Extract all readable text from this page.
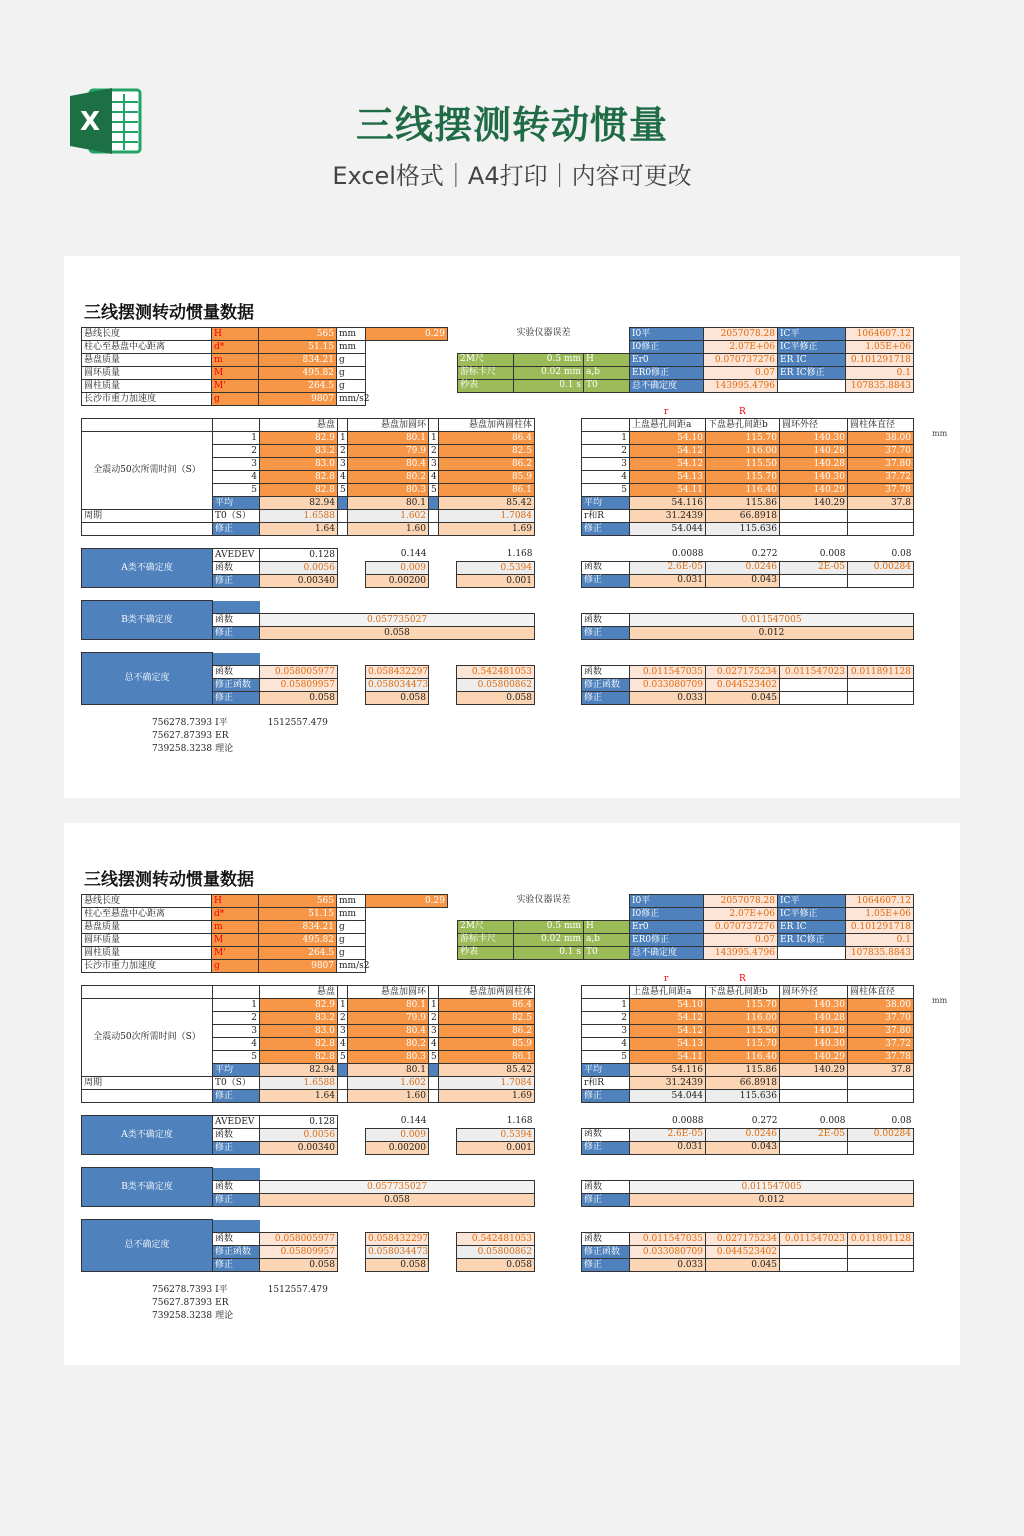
X	三线摆测转动惯量
Excel格式｜A4打印｜内容可更改
三线摆测转动惯量数据
悬线长度	H	565	mm	0.29
柱心至悬盘中心距离	d*	51.15	mm	
悬盘质量	m	834.21	g	
圆环质量	M	495.82	g	
圆柱质量	M'	264.5	g	
长沙市重力加速度	g	9807	mm/s2	
实验仪器误差		

2M尺	0.5 mm	H
游标卡尺	0.02 mm	a,b
秒表	0.1 s	T0
I0平	2057078.28	IC平	1064607.12
I0修正	2.07E+06	IC平修正	1.05E+06
Er0	0.070737276	ER IC	0.101291718
ER0修正	0.07	ER IC修正	0.1
总不确定度	143995.4796		107835.8843
r	R
mm
		悬盘		悬盘加圆环		悬盘加两圆柱体
全震动50次所需时间（S）	1	82.9	1	80.1	1	86.4
	2	83.2	2	79.9	2	82.5
	3	83.0	3	80.4	3	86.2
	4	82.8	4	80.2	4	85.9
	5	82.8	5	80.3	5	86.1
	平均	82.94		80.1		85.42
周期	T0（S）	1.6588		1.602		1.7084
	修正	1.64		1.60		1.69
	上盘悬孔间距a	下盘悬孔间距b	圆环外径	圆柱体直径
1	54.10	115.70	140.30	38.00
2	54.12	116.00	140.28	37.70
3	54.12	115.50	140.28	37.80
4	54.13	115.70	140.30	37.72
5	54.11	116.40	140.29	37.78
平均	54.116	115.86	140.29	37.8
r和R	31.2439	66.8918		
修正	54.044	115.636		
A类不确定度	AVEDEV	0.128		0.144		1.168
	函数	0.0056		0.009		0.5394
	修正	0.00340		0.00200		0.001
	0.0088	0.272	0.008	0.08
函数	2.6E-05	0.0246	2E-05	0.00284
修正	0.031	0.043		
B类不确定度		
	函数	0.057735027
	修正	0.058
函数	0.011547005
修正	0.012
总不确定度						
	函数	0.058005977		0.058432297		0.542481053
	修正函数	0.05809957		0.058034473		0.05800862
	修正	0.058		0.058		0.058
函数	0.011547035	0.027175234	0.011547023	0.011891128
修正函数	0.033080709	0.044523402		
修正	0.033	0.045		
756278.7393 I平	1512557.479
75627.87393 ER
739258.3238 理论
三线摆测转动惯量数据
悬线长度	H	565	mm	0.29
柱心至悬盘中心距离	d*	51.15	mm	
悬盘质量	m	834.21	g	
圆环质量	M	495.82	g	
圆柱质量	M'	264.5	g	
长沙市重力加速度	g	9807	mm/s2	
实验仪器误差		

2M尺	0.5 mm	H
游标卡尺	0.02 mm	a,b
秒表	0.1 s	T0
I0平	2057078.28	IC平	1064607.12
I0修正	2.07E+06	IC平修正	1.05E+06
Er0	0.070737276	ER IC	0.101291718
ER0修正	0.07	ER IC修正	0.1
总不确定度	143995.4796		107835.8843
r	R
mm
		悬盘		悬盘加圆环		悬盘加两圆柱体
全震动50次所需时间（S）	1	82.9	1	80.1	1	86.4
	2	83.2	2	79.9	2	82.5
	3	83.0	3	80.4	3	86.2
	4	82.8	4	80.2	4	85.9
	5	82.8	5	80.3	5	86.1
	平均	82.94		80.1		85.42
周期	T0（S）	1.6588		1.602		1.7084
	修正	1.64		1.60		1.69
	上盘悬孔间距a	下盘悬孔间距b	圆环外径	圆柱体直径
1	54.10	115.70	140.30	38.00
2	54.12	116.00	140.28	37.70
3	54.12	115.50	140.28	37.80
4	54.13	115.70	140.30	37.72
5	54.11	116.40	140.29	37.78
平均	54.116	115.86	140.29	37.8
r和R	31.2439	66.8918		
修正	54.044	115.636		
A类不确定度	AVEDEV	0.128		0.144		1.168
	函数	0.0056		0.009		0.5394
	修正	0.00340		0.00200		0.001
	0.0088	0.272	0.008	0.08
函数	2.6E-05	0.0246	2E-05	0.00284
修正	0.031	0.043		
B类不确定度		
	函数	0.057735027
	修正	0.058
函数	0.011547005
修正	0.012
总不确定度						
	函数	0.058005977		0.058432297		0.542481053
	修正函数	0.05809957		0.058034473		0.05800862
	修正	0.058		0.058		0.058
函数	0.011547035	0.027175234	0.011547023	0.011891128
修正函数	0.033080709	0.044523402		
修正	0.033	0.045		
756278.7393 I平	1512557.479
75627.87393 ER
739258.3238 理论
